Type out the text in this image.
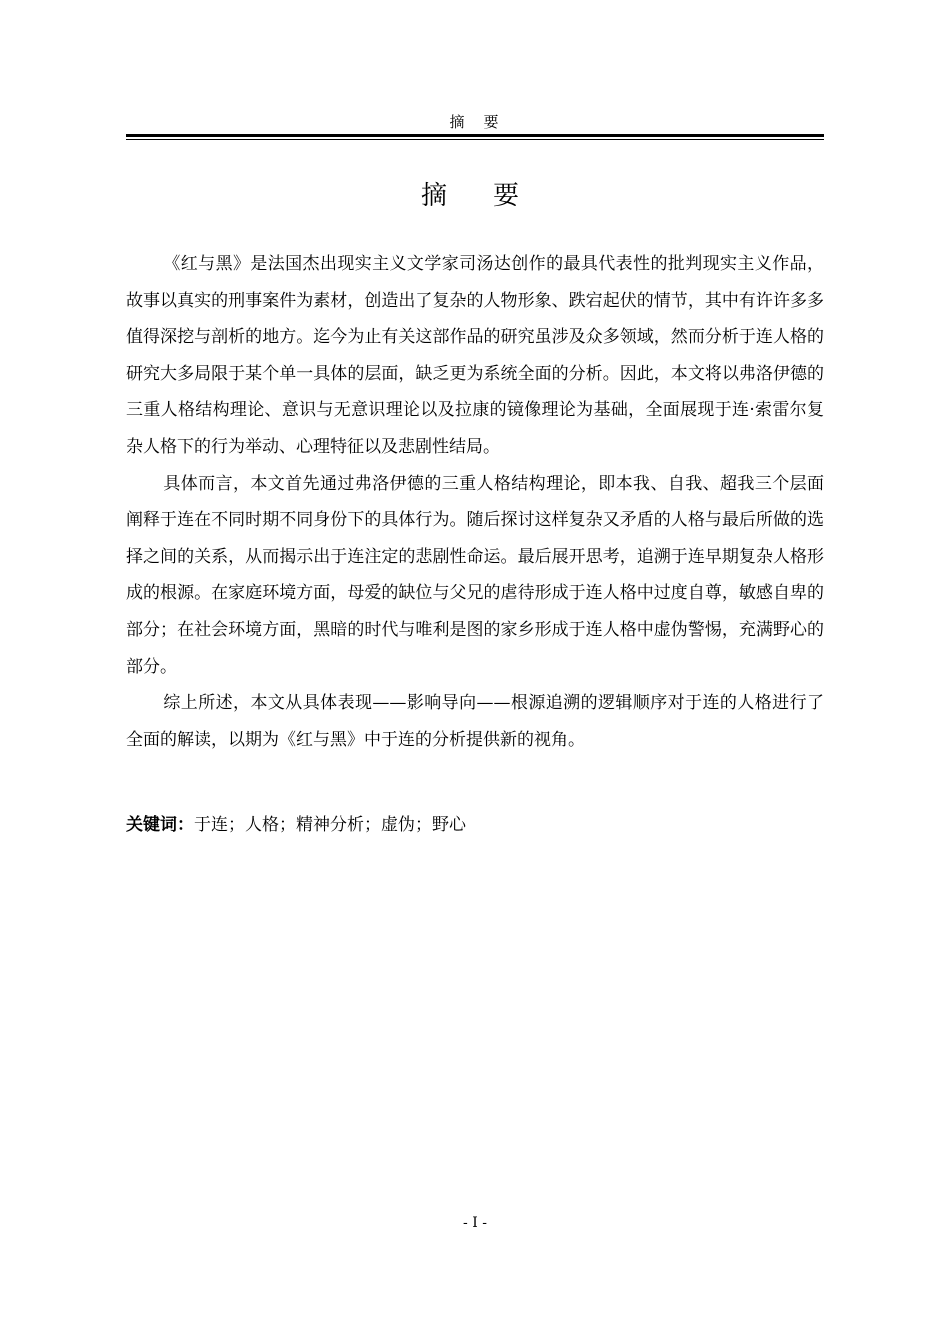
摘　要
摘　要

《红与黑》是法国杰出现实主义文学家司汤达创作的最具代表性的批判现实主义作品，故事以真实的刑事案件为素材，创造出了复杂的人物形象、跌宕起伏的情节，其中有许许多多值得深挖与剖析的地方。迄今为止有关这部作品的研究虽涉及众多领域，然而分析于连人格的研究大多局限于某个单一具体的层面，缺乏更为系统全面的分析。因此，本文将以弗洛伊德的三重人格结构理论、意识与无意识理论以及拉康的镜像理论为基础，全面展现于连·索雷尔复杂人格下的行为举动、心理特征以及悲剧性结局。

具体而言，本文首先通过弗洛伊德的三重人格结构理论，即本我、自我、超我三个层面阐释于连在不同时期不同身份下的具体行为。随后探讨这样复杂又矛盾的人格与最后所做的选择之间的关系，从而揭示出于连注定的悲剧性命运。最后展开思考，追溯于连早期复杂人格形成的根源。在家庭环境方面，母爱的缺位与父兄的虐待形成于连人格中过度自尊，敏感自卑的部分；在社会环境方面，黑暗的时代与唯利是图的家乡形成于连人格中虚伪警惕，充满野心的部分。

综上所述，本文从具体表现——影响导向——根源追溯的逻辑顺序对于连的人格进行了全面的解读，以期为《红与黑》中于连的分析提供新的视角。

关键词：于连；人格；精神分析；虚伪；野心
- I -
